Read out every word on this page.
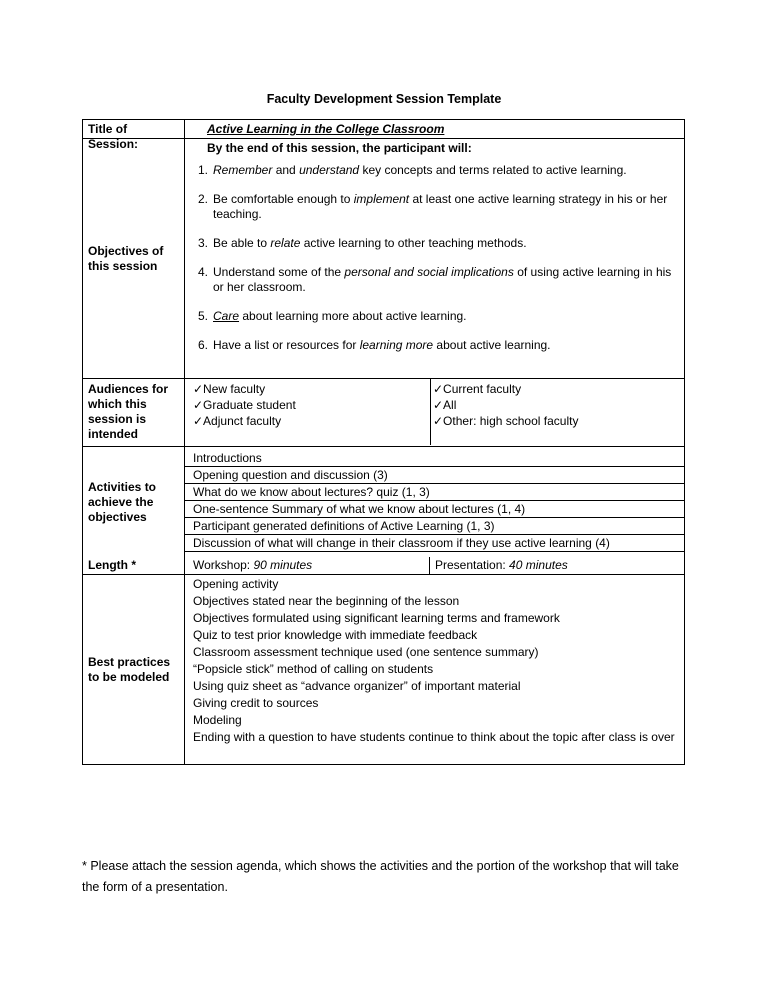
Faculty Development Session Template
Title of Session:
Active Learning in the College Classroom
Objectives of this session
By the end of this session, the participant will:
1. Remember and understand key concepts and terms related to active learning.
2. Be comfortable enough to implement at least one active learning strategy in his or her teaching.
3. Be able to relate active learning to other teaching methods.
4. Understand some of the personal and social implications of using active learning in his or her classroom.
5. Care about learning more about active learning.
6. Have a list or resources for learning more about active learning.
Audiences for which this session is intended
✓New faculty
✓Graduate student
✓Adjunct faculty
✓Current faculty
✓All
✓Other: high school faculty
Activities to achieve the objectives
Introductions
Opening question and discussion (3)
What do we know about lectures? quiz (1, 3)
One-sentence Summary of what we know about lectures (1, 4)
Participant generated definitions of Active Learning (1, 3)
Discussion of what will change in their classroom if they use active learning (4)
Length *	Workshop: 90 minutes	Presentation: 40 minutes
Best practices to be modeled
Opening activity
Objectives stated near the beginning of the lesson
Objectives formulated using significant learning terms and framework
Quiz to test prior knowledge with immediate feedback
Classroom assessment technique used (one sentence summary)
“Popsicle stick” method of calling on students
Using quiz sheet as “advance organizer” of important material
Giving credit to sources
Modeling
Ending with a question to have students continue to think about the topic after class is over
* Please attach the session agenda, which shows the activities and the portion of the workshop that will take the form of a presentation.
